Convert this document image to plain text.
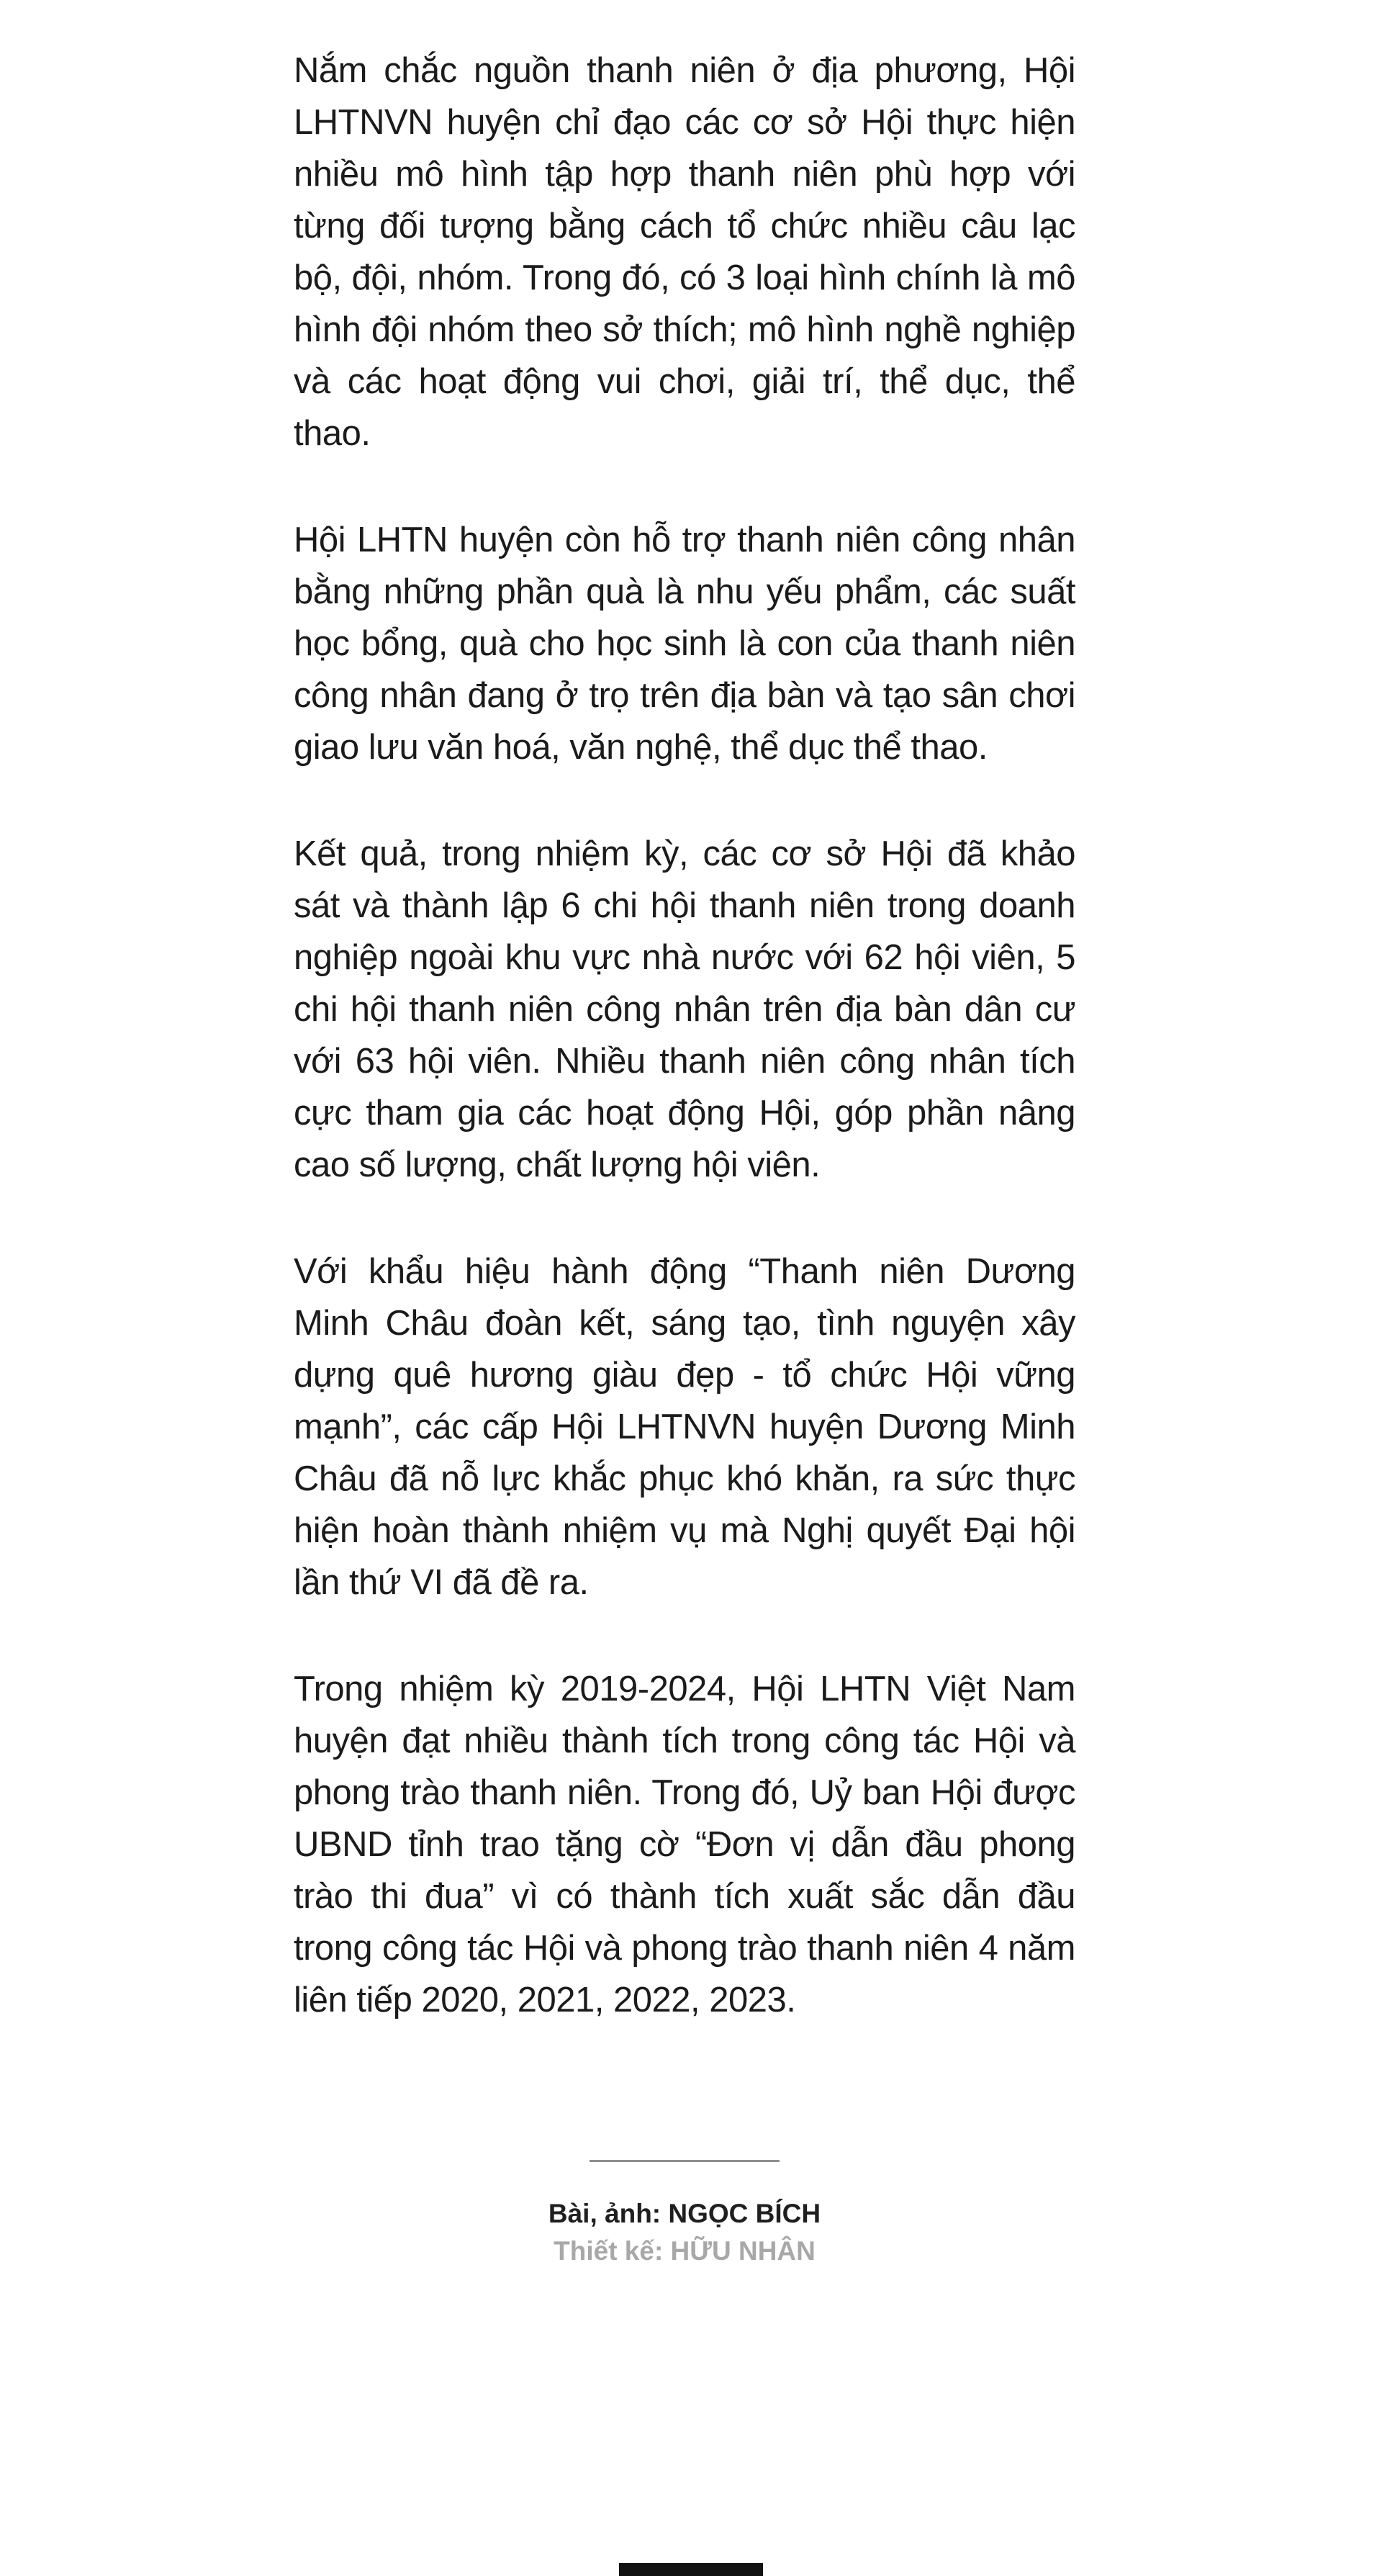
Nắm chắc nguồn thanh niên ở địa phương, Hội LHTNVN huyện chỉ đạo các cơ sở Hội thực hiện nhiều mô hình tập hợp thanh niên phù hợp với từng đối tượng bằng cách tổ chức nhiều câu lạc bộ, đội, nhóm. Trong đó, có 3 loại hình chính là mô hình đội nhóm theo sở thích; mô hình nghề nghiệp và các hoạt động vui chơi, giải trí, thể dục, thể thao.

Hội LHTN huyện còn hỗ trợ thanh niên công nhân bằng những phần quà là nhu yếu phẩm, các suất học bổng, quà cho học sinh là con của thanh niên công nhân đang ở trọ trên địa bàn và tạo sân chơi giao lưu văn hoá, văn nghệ, thể dục thể thao.

Kết quả, trong nhiệm kỳ, các cơ sở Hội đã khảo sát và thành lập 6 chi hội thanh niên trong doanh nghiệp ngoài khu vực nhà nước với 62 hội viên, 5 chi hội thanh niên công nhân trên địa bàn dân cư với 63 hội viên. Nhiều thanh niên công nhân tích cực tham gia các hoạt động Hội, góp phần nâng cao số lượng, chất lượng hội viên.

Với khẩu hiệu hành động “Thanh niên Dương Minh Châu đoàn kết, sáng tạo, tình nguyện xây dựng quê hương giàu đẹp - tổ chức Hội vững mạnh”, các cấp Hội LHTNVN huyện Dương Minh Châu đã nỗ lực khắc phục khó khăn, ra sức thực hiện hoàn thành nhiệm vụ mà Nghị quyết Đại hội lần thứ VI đã đề ra.

Trong nhiệm kỳ 2019-2024, Hội LHTN Việt Nam huyện đạt nhiều thành tích trong công tác Hội và phong trào thanh niên. Trong đó, Uỷ ban Hội được UBND tỉnh trao tặng cờ “Đơn vị dẫn đầu phong trào thi đua” vì có thành tích xuất sắc dẫn đầu trong công tác Hội và phong trào thanh niên 4 năm liên tiếp 2020, 2021, 2022, 2023.

Bài, ảnh: NGỌC BÍCH
Thiết kế: HỮU NHÂN
